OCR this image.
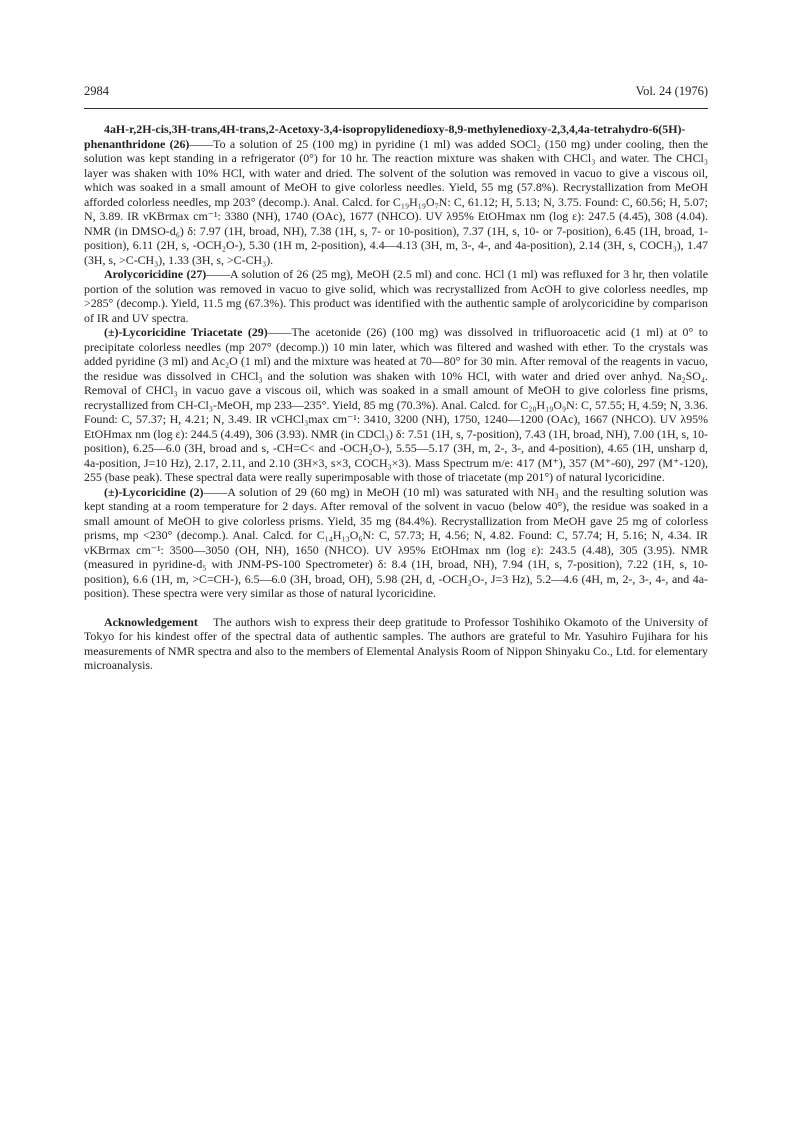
2984	Vol. 24 (1976)

4aH-r,2H-cis,3H-trans,4H-trans,2-Acetoxy-3,4-isopropylidenedioxy-8,9-methylenedioxy-2,3,4,4a-tetrahydro-6(5H)-phenanthridone (26)——To a solution of 25 (100 mg) in pyridine (1 ml) was added SOCl₂ (150 mg) under cooling, then the solution was kept standing in a refrigerator (0°) for 10 hr. The reaction mixture was shaken with CHCl₃ and water. The CHCl₃ layer was shaken with 10% HCl, with water and dried. The solvent of the solution was removed in vacuo to give a viscous oil, which was soaked in a small amount of MeOH to give colorless needles. Yield, 55 mg (57.8%). Recrystallization from MeOH afforded colorless needles, mp 203° (decomp.). Anal. Calcd. for C₁₉H₁₉O₇N: C, 61.12; H, 5.13; N, 3.75. Found: C, 60.56; H, 5.07; N, 3.89. IR νKBrmax cm⁻¹: 3380 (NH), 1740 (OAc), 1677 (NHCO). UV λ95% EtOHmax nm (log ε): 247.5 (4.45), 308 (4.04). NMR (in DMSO-d₆) δ: 7.97 (1H, broad, NH), 7.38 (1H, s, 7- or 10-position), 7.37 (1H, s, 10- or 7-position), 6.45 (1H, broad, 1-position), 6.11 (2H, s, -OCH₂O-), 5.30 (1H m, 2-position), 4.4—4.13 (3H, m, 3-, 4-, and 4a-position), 2.14 (3H, s, COCH₃), 1.47 (3H, s, >C-CH₃), 1.33 (3H, s, >C-CH₃).

Arolycoricidine (27)——A solution of 26 (25 mg), MeOH (2.5 ml) and conc. HCl (1 ml) was refluxed for 3 hr, then volatile portion of the solution was removed in vacuo to give solid, which was recrystallized from AcOH to give colorless needles, mp >285° (decomp.). Yield, 11.5 mg (67.3%). This product was identified with the authentic sample of arolycoricidine by comparison of IR and UV spectra.

(±)-Lycoricidine Triacetate (29)——The acetonide (26) (100 mg) was dissolved in trifluoroacetic acid (1 ml) at 0° to precipitate colorless needles (mp 207° (decomp.)) 10 min later, which was filtered and washed with ether. To the crystals was added pyridine (3 ml) and Ac₂O (1 ml) and the mixture was heated at 70—80° for 30 min. After removal of the reagents in vacuo, the residue was dissolved in CHCl₃ and the solution was shaken with 10% HCl, with water and dried over anhyd. Na₂SO₄. Removal of CHCl₃ in vacuo gave a viscous oil, which was soaked in a small amount of MeOH to give colorless fine prisms, recrystallized from CH-Cl₃-MeOH, mp 233—235°. Yield, 85 mg (70.3%). Anal. Calcd. for C₂₀H₁₉O₉N: C, 57.55; H, 4.59; N, 3.36. Found: C, 57.37; H, 4.21; N, 3.49. IR νCHCl₃max cm⁻¹: 3410, 3200 (NH), 1750, 1240—1200 (OAc), 1667 (NHCO). UV λ95% EtOHmax nm (log ε): 244.5 (4.49), 306 (3.93). NMR (in CDCl₃) δ: 7.51 (1H, s, 7-position), 7.43 (1H, broad, NH), 7.00 (1H, s, 10-position), 6.25—6.0 (3H, broad and s, -CH=C< and -OCH₂O-), 5.55—5.17 (3H, m, 2-, 3-, and 4-position), 4.65 (1H, unsharp d, 4a-position, J=10 Hz), 2.17, 2.11, and 2.10 (3H×3, s×3, COCH₃×3). Mass Spectrum m/e: 417 (M⁺), 357 (M⁺-60), 297 (M⁺-120), 255 (base peak). These spectral data were really superimposable with those of triacetate (mp 201°) of natural lycoricidine.

(±)-Lycoricidine (2)——A solution of 29 (60 mg) in MeOH (10 ml) was saturated with NH₃ and the resulting solution was kept standing at a room temperature for 2 days. After removal of the solvent in vacuo (below 40°), the residue was soaked in a small amount of MeOH to give colorless prisms. Yield, 35 mg (84.4%). Recrystallization from MeOH gave 25 mg of colorless prisms, mp <230° (decomp.). Anal. Calcd. for C₁₄H₁₃O₆N: C, 57.73; H, 4.56; N, 4.82. Found: C, 57.74; H, 5.16; N, 4.34. IR νKBrmax cm⁻¹: 3500—3050 (OH, NH), 1650 (NHCO). UV λ95% EtOHmax nm (log ε): 243.5 (4.48), 305 (3.95). NMR (measured in pyridine-d₅ with JNM-PS-100 Spectrometer) δ: 8.4 (1H, broad, NH), 7.94 (1H, s, 7-position), 7.22 (1H, s, 10-position), 6.6 (1H, m, >C=CH-), 6.5—6.0 (3H, broad, OH), 5.98 (2H, d, -OCH₂O-, J=3 Hz), 5.2—4.6 (4H, m, 2-, 3-, 4-, and 4a-position). These spectra were very similar as those of natural lycoricidine.

Acknowledgement The authors wish to express their deep gratitude to Professor Toshihiko Okamoto of the University of Tokyo for his kindest offer of the spectral data of authentic samples. The authors are grateful to Mr. Yasuhiro Fujihara for his measurements of NMR spectra and also to the members of Elemental Analysis Room of Nippon Shinyaku Co., Ltd. for elementary microanalysis.
